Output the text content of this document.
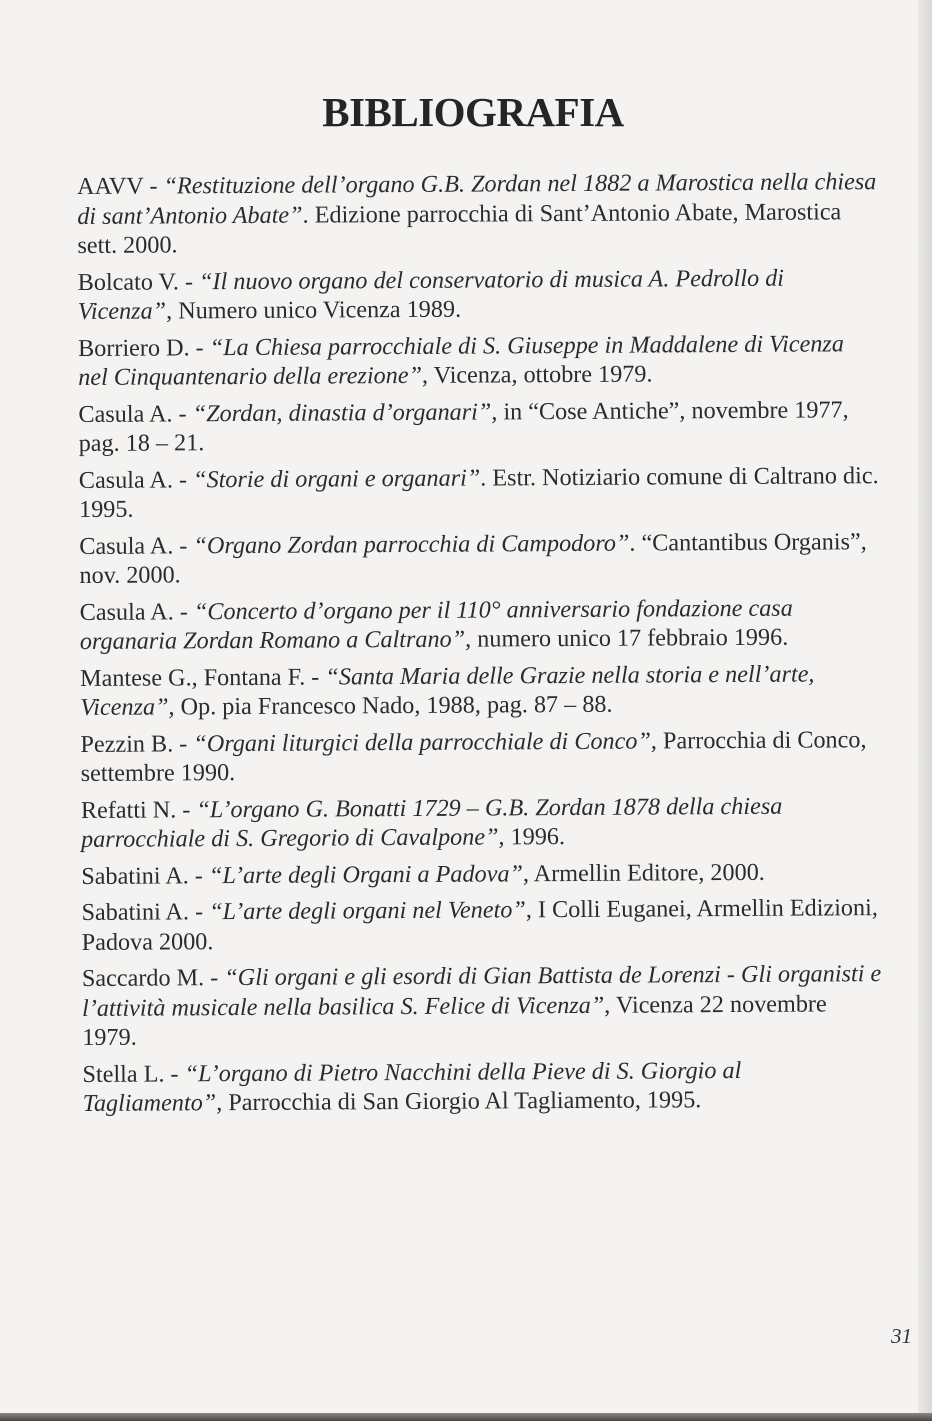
BIBLIOGRAFIA
AAVV - “Restituzione dell’organo G.B. Zordan nel 1882 a Marostica nella chiesa di sant’Antonio Abate”. Edizione parrocchia di Sant’Antonio Abate, Marostica sett. 2000.
Bolcato V. - “Il nuovo organo del conservatorio di musica A. Pedrollo di Vicenza”, Numero unico Vicenza 1989.
Borriero D. - “La Chiesa parrocchiale di S. Giuseppe in Maddalene di Vicenza nel Cinquantenario della erezione”, Vicenza, ottobre 1979.
Casula A. - “Zordan, dinastia d’organari”, in “Cose Antiche”, novembre 1977, pag. 18 – 21.
Casula A. - “Storie di organi e organari”. Estr. Notiziario comune di Caltrano dic. 1995.
Casula A. - “Organo Zordan parrocchia di Campodoro”. “Cantantibus Organis”, nov. 2000.
Casula A. - “Concerto d’organo per il 110° anniversario fondazione casa organaria Zordan Romano a Caltrano”, numero unico 17 febbraio 1996.
Mantese G., Fontana F. - “Santa Maria delle Grazie nella storia e nell’arte, Vicenza”, Op. pia Francesco Nado, 1988, pag. 87 – 88.
Pezzin B. - “Organi liturgici della parrocchiale di Conco”, Parrocchia di Conco, settembre 1990.
Refatti N. - “L’organo G. Bonatti 1729 – G.B. Zordan 1878 della chiesa parrocchiale di S. Gregorio di Cavalpone”, 1996.
Sabatini A. - “L’arte degli Organi a Padova”, Armellin Editore, 2000.
Sabatini A. - “L’arte degli organi nel Veneto”, I Colli Euganei, Armellin Edizioni, Padova 2000.
Saccardo M. - “Gli organi e gli esordi di Gian Battista de Lorenzi - Gli organisti e l’attività musicale nella basilica S. Felice di Vicenza”, Vicenza 22 novembre 1979.
Stella L. - “L’organo di Pietro Nacchini della Pieve di S. Giorgio al Tagliamento”, Parrocchia di San Giorgio Al Tagliamento, 1995.
31
